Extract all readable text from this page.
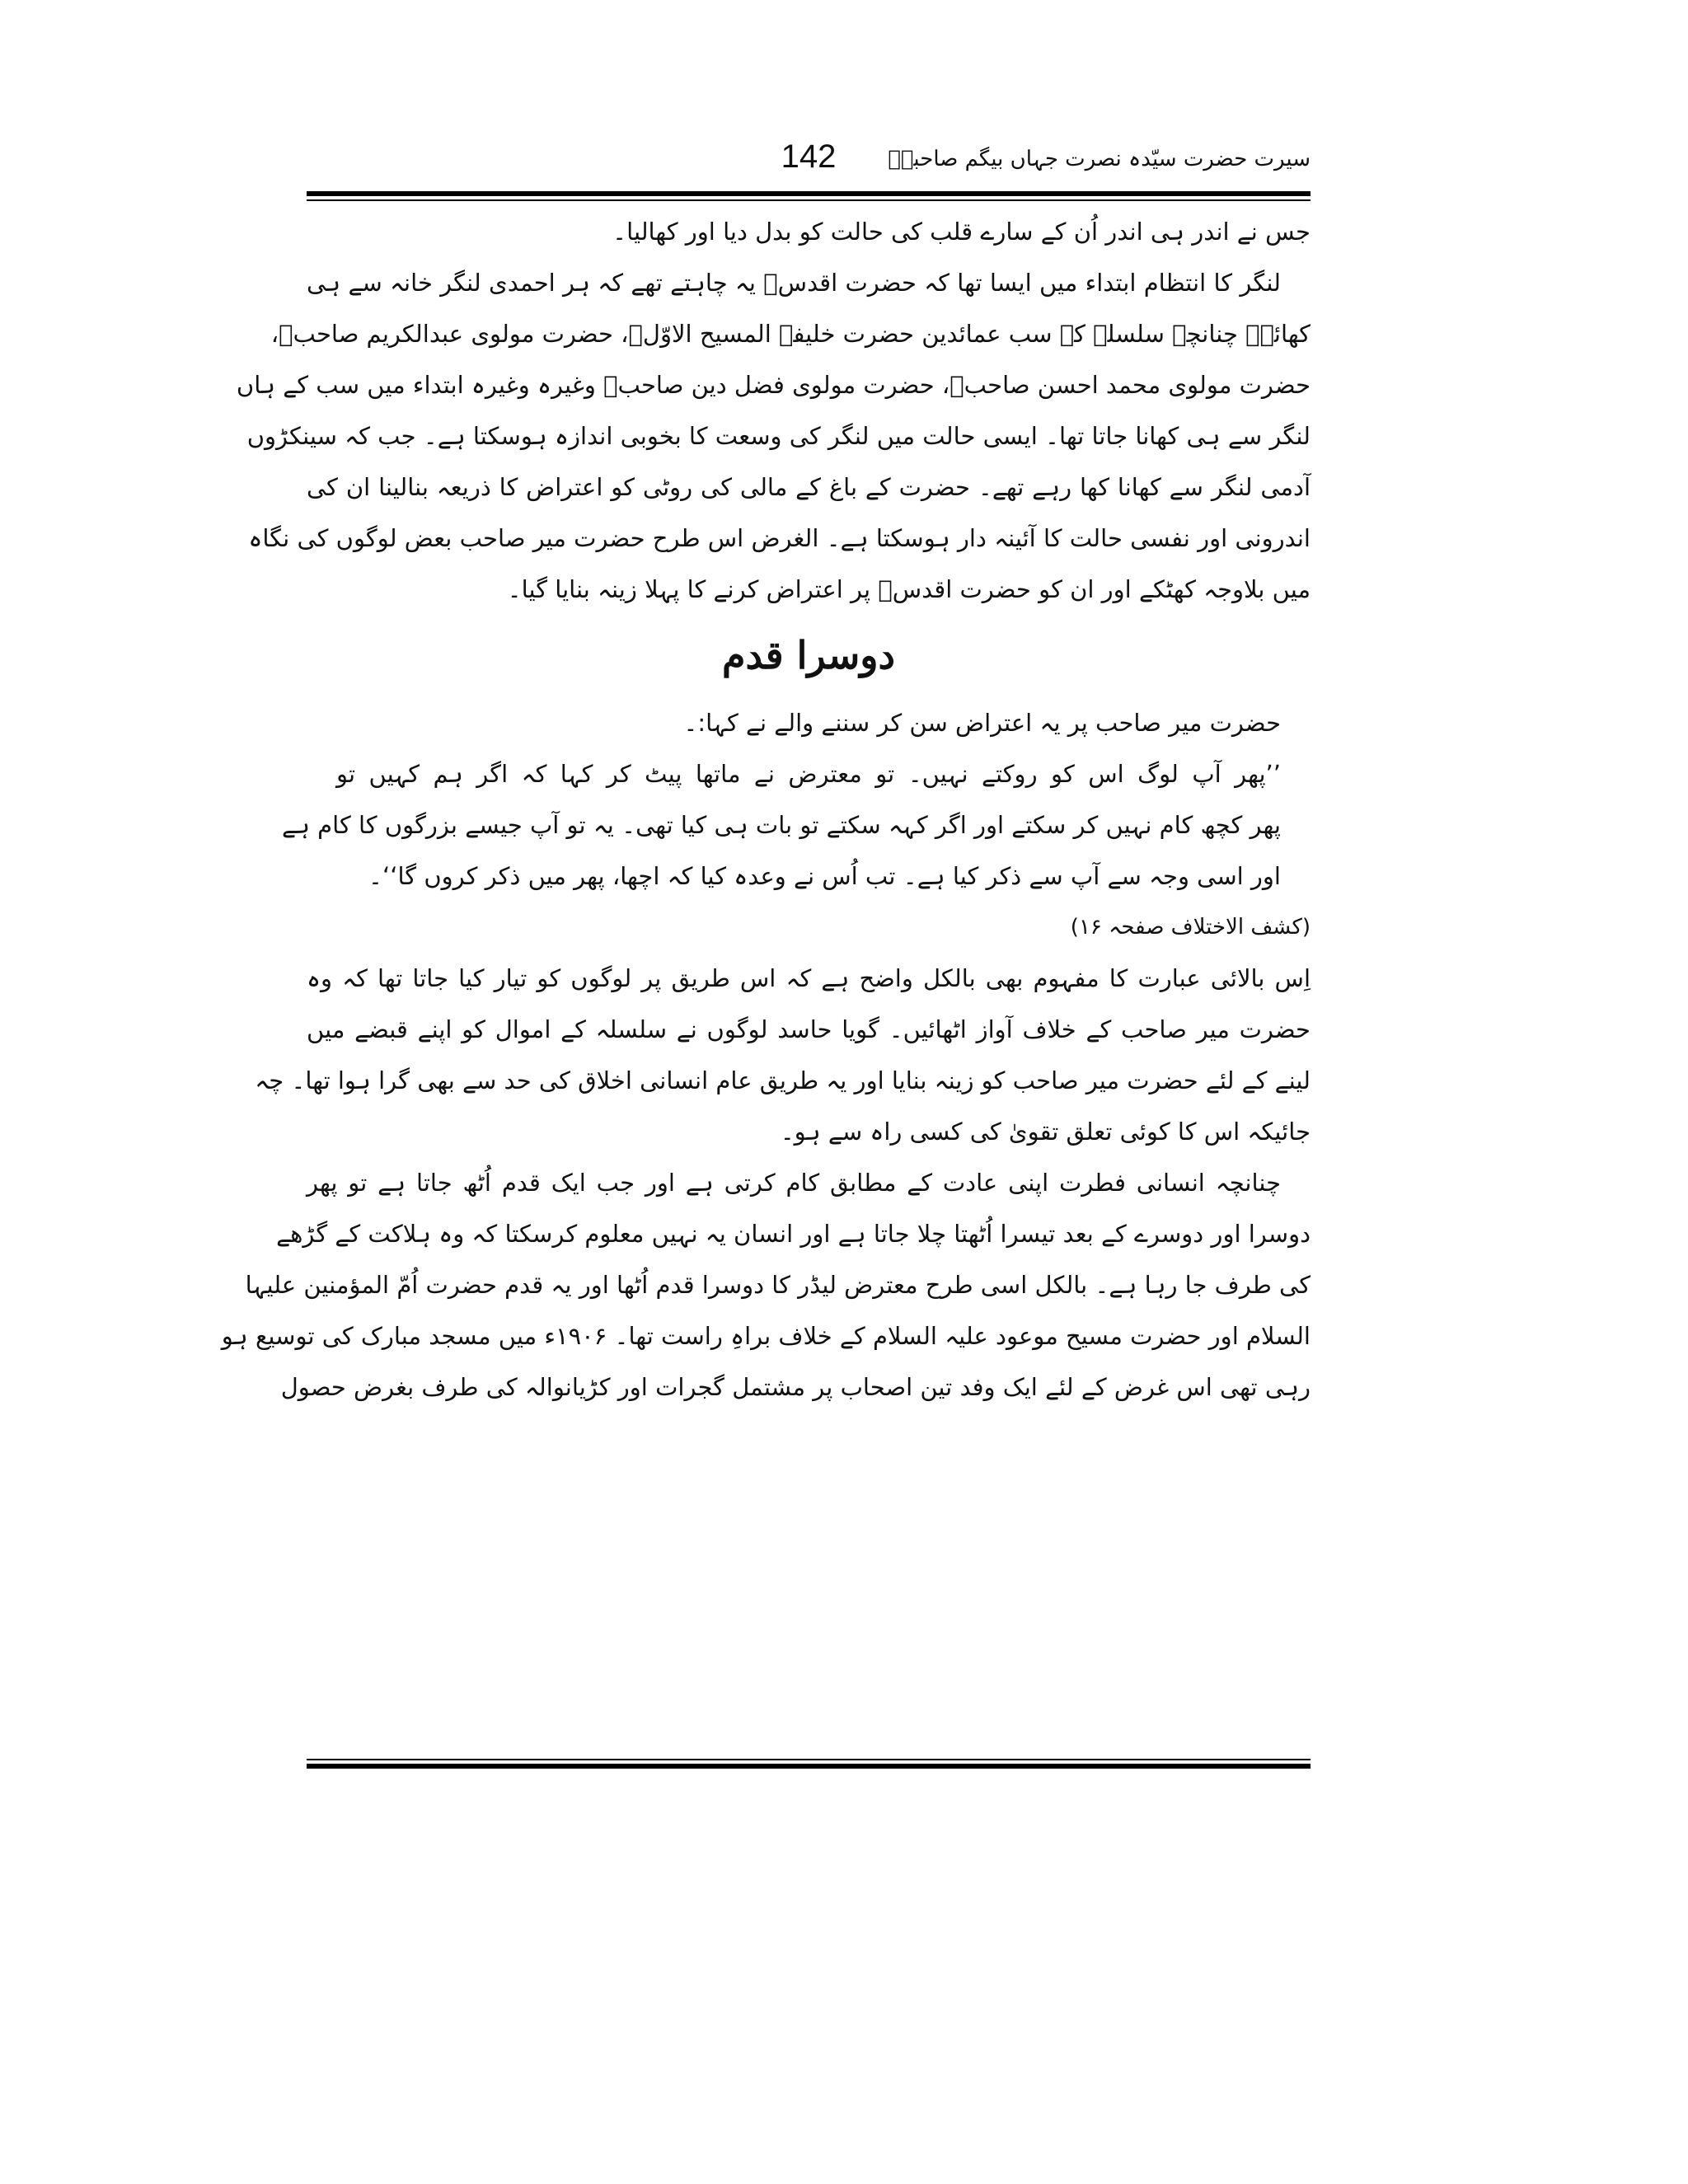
سیرت حضرت سیّدہ نصرت جہاں بیگم صاحبہؓ
142
جس نے اندر ہی اندر اُن کے سارے قلب کی حالت کو بدل دیا اور کھالیا۔
لنگر کا انتظام ابتداء میں ایسا تھا کہ حضرت اقدسؑ یہ چاہتے تھے کہ ہر احمدی لنگر خانہ سے ہی
کھائے۔ چنانچہ سلسلہ کے سب عمائدین حضرت خلیفۃ المسیح الاوّلؓ، حضرت مولوی عبدالکریم صاحبؓ،
حضرت مولوی محمد احسن صاحبؓ، حضرت مولوی فضل دین صاحبؓ وغیرہ وغیرہ ابتداء میں سب کے ہاں
لنگر سے ہی کھانا جاتا تھا۔ ایسی حالت میں لنگر کی وسعت کا بخوبی اندازہ ہوسکتا ہے۔ جب کہ سینکڑوں
آدمی لنگر سے کھانا کھا رہے تھے۔ حضرت کے باغ کے مالی کی روٹی کو اعتراض کا ذریعہ بنالینا ان کی
اندرونی اور نفسی حالت کا آئینہ دار ہوسکتا ہے۔ الغرض اس طرح حضرت میر صاحب بعض لوگوں کی نگاہ
میں بلاوجہ کھٹکے اور ان کو حضرت اقدسؑ پر اعتراض کرنے کا پہلا زینہ بنایا گیا۔
دوسرا قدم
حضرت میر صاحب پر یہ اعتراض سن کر سننے والے نے کہا:۔
’’پھر آپ لوگ اس کو روکتے نہیں۔ تو معترض نے ماتھا پیٹ کر کہا کہ اگر ہم کہیں تو
پھر کچھ کام نہیں کر سکتے اور اگر کہہ سکتے تو بات ہی کیا تھی۔ یہ تو آپ جیسے بزرگوں کا کام ہے
اور اسی وجہ سے آپ سے ذکر کیا ہے۔ تب اُس نے وعدہ کیا کہ اچھا، پھر میں ذکر کروں گا‘‘۔
(کشف الاختلاف صفحہ ۱۶)
اِس بالائی عبارت کا مفہوم بھی بالکل واضح ہے کہ اس طریق پر لوگوں کو تیار کیا جاتا تھا کہ وہ
حضرت میر صاحب کے خلاف آواز اٹھائیں۔ گویا حاسد لوگوں نے سلسلہ کے اموال کو اپنے قبضے میں
لینے کے لئے حضرت میر صاحب کو زینہ بنایا اور یہ طریق عام انسانی اخلاق کی حد سے بھی گرا ہوا تھا۔ چہ
جائیکہ اس کا کوئی تعلق تقویٰ کی کسی راہ سے ہو۔
چنانچہ انسانی فطرت اپنی عادت کے مطابق کام کرتی ہے اور جب ایک قدم اُٹھ جاتا ہے تو پھر
دوسرا اور دوسرے کے بعد تیسرا اُٹھتا چلا جاتا ہے اور انسان یہ نہیں معلوم کرسکتا کہ وہ ہلاکت کے گڑھے
کی طرف جا رہا ہے۔ بالکل اسی طرح معترض لیڈر کا دوسرا قدم اُٹھا اور یہ قدم حضرت اُمّ المؤمنین علیہا
السلام اور حضرت مسیح موعود علیہ السلام کے خلاف براہِ راست تھا۔ ۱۹۰۶ء میں مسجد مبارک کی توسیع ہو
رہی تھی اس غرض کے لئے ایک وفد تین اصحاب پر مشتمل گجرات اور کڑیانوالہ کی طرف بغرض حصول
